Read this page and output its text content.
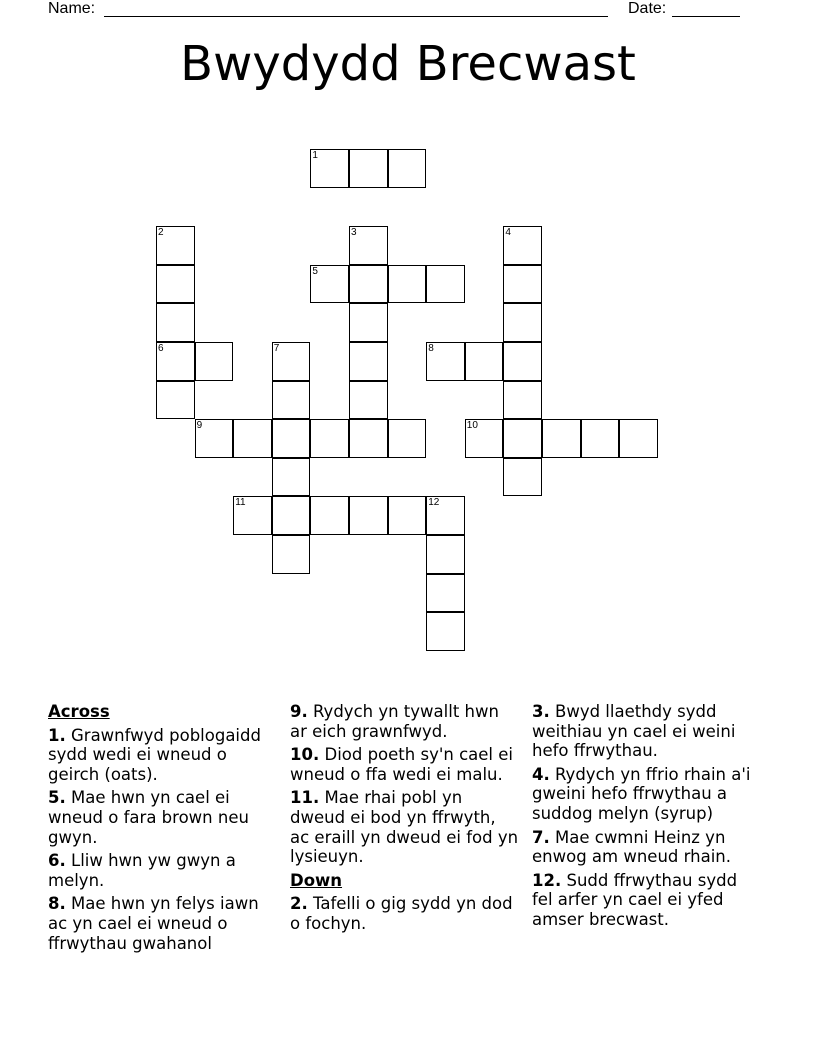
Name:	Date:
Bwydydd Brecwast
1
2	3	4
5
6	7	8
9	10
11	12
Across
1. Grawnfwyd poblogaidd sydd wedi ei wneud o geirch (oats).
5. Mae hwn yn cael ei wneud o fara brown neu gwyn.
6. Lliw hwn yw gwyn a melyn.
8. Mae hwn yn felys iawn ac yn cael ei wneud o ffrwythau gwahanol
9. Rydych yn tywallt hwn ar eich grawnfwyd.
10. Diod poeth sy'n cael ei wneud o ffa wedi ei malu.
11. Mae rhai pobl yn dweud ei bod yn ffrwyth, ac eraill yn dweud ei fod yn lysieuyn.
Down
2. Tafelli o gig sydd yn dod o fochyn.
3. Bwyd llaethdy sydd weithiau yn cael ei weini hefo ffrwythau.
4. Rydych yn ffrio rhain a'i gweini hefo ffrwythau a suddog melyn (syrup)
7. Mae cwmni Heinz yn enwog am wneud rhain.
12. Sudd ffrwythau sydd fel arfer yn cael ei yfed amser brecwast.
